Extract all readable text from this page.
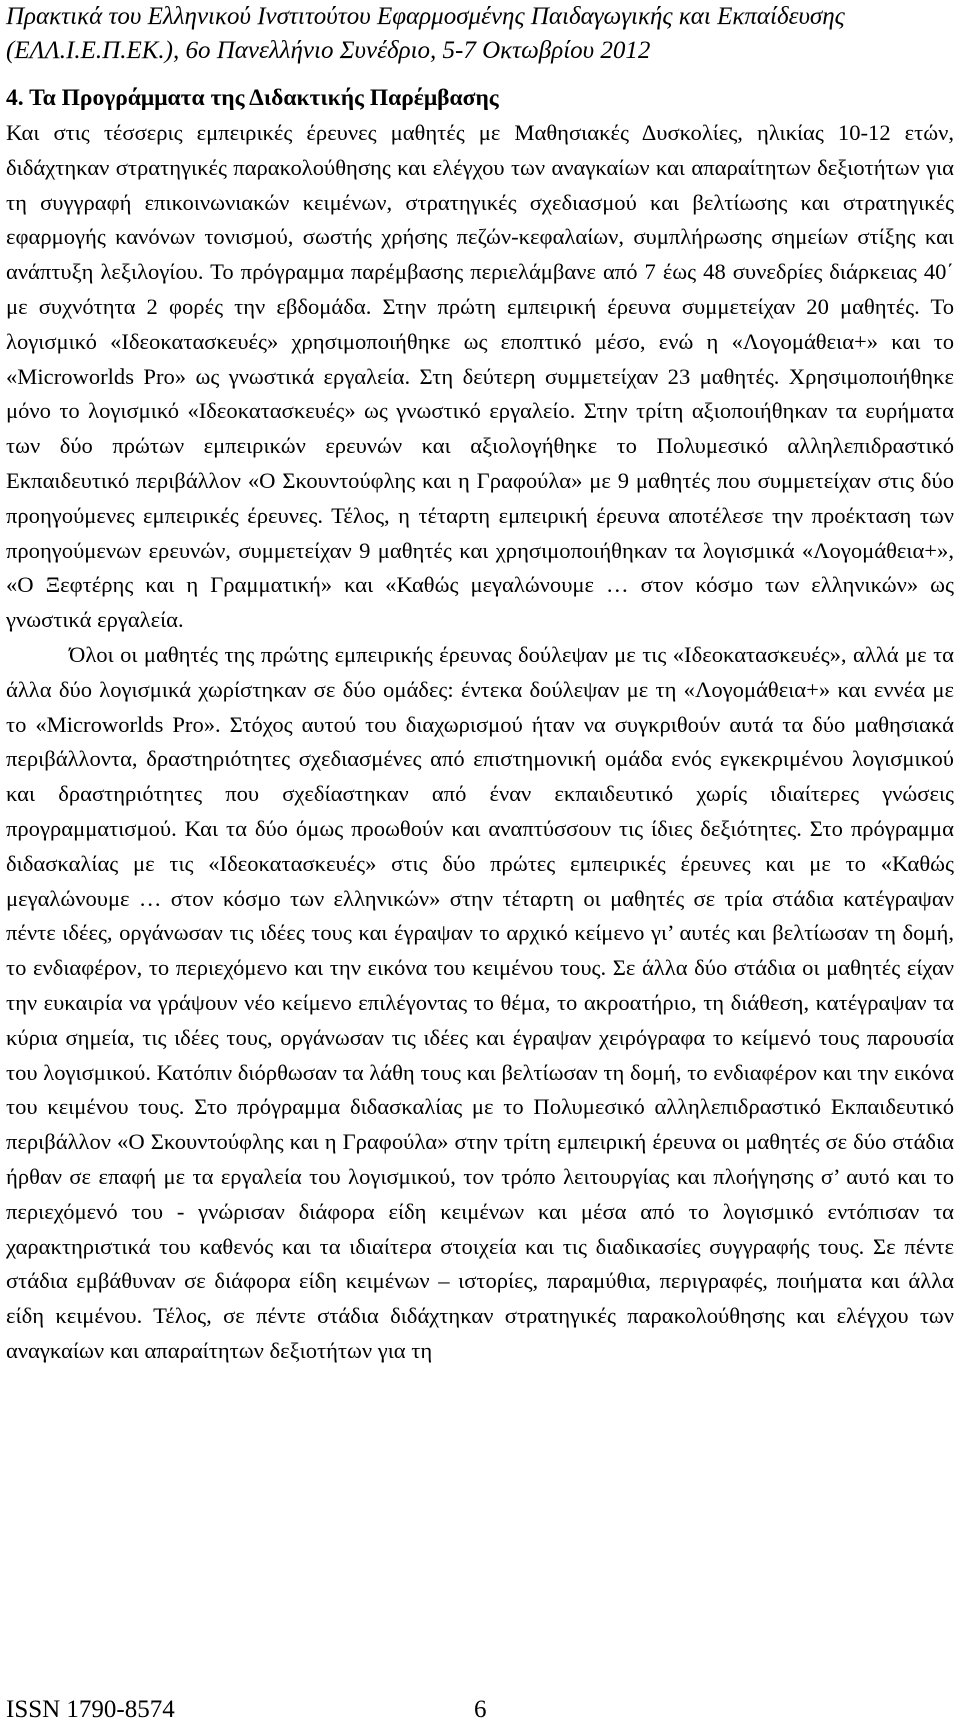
Πρακτικά του Ελληνικού Ινστιτούτου Εφαρμοσμένης Παιδαγωγικής και Εκπαίδευσης
(ΕΛΛ.Ι.Ε.Π.ΕΚ.), 6ο Πανελλήνιο Συνέδριο, 5-7 Οκτωβρίου 2012
4. Τα Προγράμματα της Διδακτικής Παρέμβασης

Και στις τέσσερις εμπειρικές έρευνες μαθητές με Μαθησιακές Δυσκολίες, ηλικίας 10-12 ετών, διδάχτηκαν στρατηγικές παρακολούθησης και ελέγχου των αναγκαίων και απαραίτητων δεξιοτήτων για τη συγγραφή επικοινωνιακών κειμένων, στρατηγικές σχεδιασμού και βελτίωσης και στρατηγικές εφαρμογής κανόνων τονισμού, σωστής χρήσης πεζών-κεφαλαίων, συμπλήρωσης σημείων στίξης και ανάπτυξη λεξιλογίου. Το πρόγραμμα παρέμβασης περιελάμβανε από 7 έως 48 συνεδρίες διάρκειας 40΄ με συχνότητα 2 φορές την εβδομάδα. Στην πρώτη εμπειρική έρευνα συμμετείχαν 20 μαθητές. Το λογισμικό «Ιδεοκατασκευές» χρησιμοποιήθηκε ως εποπτικό μέσο, ενώ η «Λογομάθεια+» και το «Microworlds Pro» ως γνωστικά εργαλεία. Στη δεύτερη συμμετείχαν 23 μαθητές. Χρησιμοποιήθηκε μόνο το λογισμικό «Ιδεοκατασκευές» ως γνωστικό εργαλείο. Στην τρίτη αξιοποιήθηκαν τα ευρήματα των δύο πρώτων εμπειρικών ερευνών και αξιολογήθηκε το Πολυμεσικό αλληλεπιδραστικό Εκπαιδευτικό περιβάλλον «Ο Σκουντούφλης και η Γραφούλα» με 9 μαθητές που συμμετείχαν στις δύο προηγούμενες εμπειρικές έρευνες. Τέλος, η τέταρτη εμπειρική έρευνα αποτέλεσε την προέκταση των προηγούμενων ερευνών, συμμετείχαν 9 μαθητές και χρησιμοποιήθηκαν τα λογισμικά «Λογομάθεια+», «Ο Ξεφτέρης και η Γραμματική» και «Καθώς μεγαλώνουμε … στον κόσμο των ελληνικών» ως γνωστικά εργαλεία.

Όλοι οι μαθητές της πρώτης εμπειρικής έρευνας δούλεψαν με τις «Ιδεοκατασκευές», αλλά με τα άλλα δύο λογισμικά χωρίστηκαν σε δύο ομάδες: έντεκα δούλεψαν με τη «Λογομάθεια+» και εννέα με το «Microworlds Pro». Στόχος αυτού του διαχωρισμού ήταν να συγκριθούν αυτά τα δύο μαθησιακά περιβάλλοντα, δραστηριότητες σχεδιασμένες από επιστημονική ομάδα ενός εγκεκριμένου λογισμικού και δραστηριότητες που σχεδίαστηκαν από έναν εκπαιδευτικό χωρίς ιδιαίτερες γνώσεις προγραμματισμού. Και τα δύο όμως προωθούν και αναπτύσσουν τις ίδιες δεξιότητες. Στο πρόγραμμα διδασκαλίας με τις «Ιδεοκατασκευές» στις δύο πρώτες εμπειρικές έρευνες και με το «Καθώς μεγαλώνουμε … στον κόσμο των ελληνικών» στην τέταρτη οι μαθητές σε τρία στάδια κατέγραψαν πέντε ιδέες, οργάνωσαν τις ιδέες τους και έγραψαν το αρχικό κείμενο γι’ αυτές και βελτίωσαν τη δομή, το ενδιαφέρον, το περιεχόμενο και την εικόνα του κειμένου τους. Σε άλλα δύο στάδια οι μαθητές είχαν την ευκαιρία να γράψουν νέο κείμενο επιλέγοντας το θέμα, το ακροατήριο, τη διάθεση, κατέγραψαν τα κύρια σημεία, τις ιδέες τους, οργάνωσαν τις ιδέες και έγραψαν χειρόγραφα το κείμενό τους παρουσία του λογισμικού. Κατόπιν διόρθωσαν τα λάθη τους και βελτίωσαν τη δομή, το ενδιαφέρον και την εικόνα του κειμένου τους. Στο πρόγραμμα διδασκαλίας με το Πολυμεσικό αλληλεπιδραστικό Εκπαιδευτικό περιβάλλον «Ο Σκουντούφλης και η Γραφούλα» στην τρίτη εμπειρική έρευνα οι μαθητές σε δύο στάδια ήρθαν σε επαφή με τα εργαλεία του λογισμικού, τον τρόπο λειτουργίας και πλοήγησης σ’ αυτό και το περιεχόμενό του - γνώρισαν διάφορα είδη κειμένων και μέσα από το λογισμικό εντόπισαν τα χαρακτηριστικά του καθενός και τα ιδιαίτερα στοιχεία και τις διαδικασίες συγγραφής τους. Σε πέντε στάδια εμβάθυναν σε διάφορα είδη κειμένων – ιστορίες, παραμύθια, περιγραφές, ποιήματα και άλλα είδη κειμένου. Τέλος, σε πέντε στάδια διδάχτηκαν στρατηγικές παρακολούθησης και ελέγχου των αναγκαίων και απαραίτητων δεξιοτήτων για τη

ISSN 1790-8574	6
